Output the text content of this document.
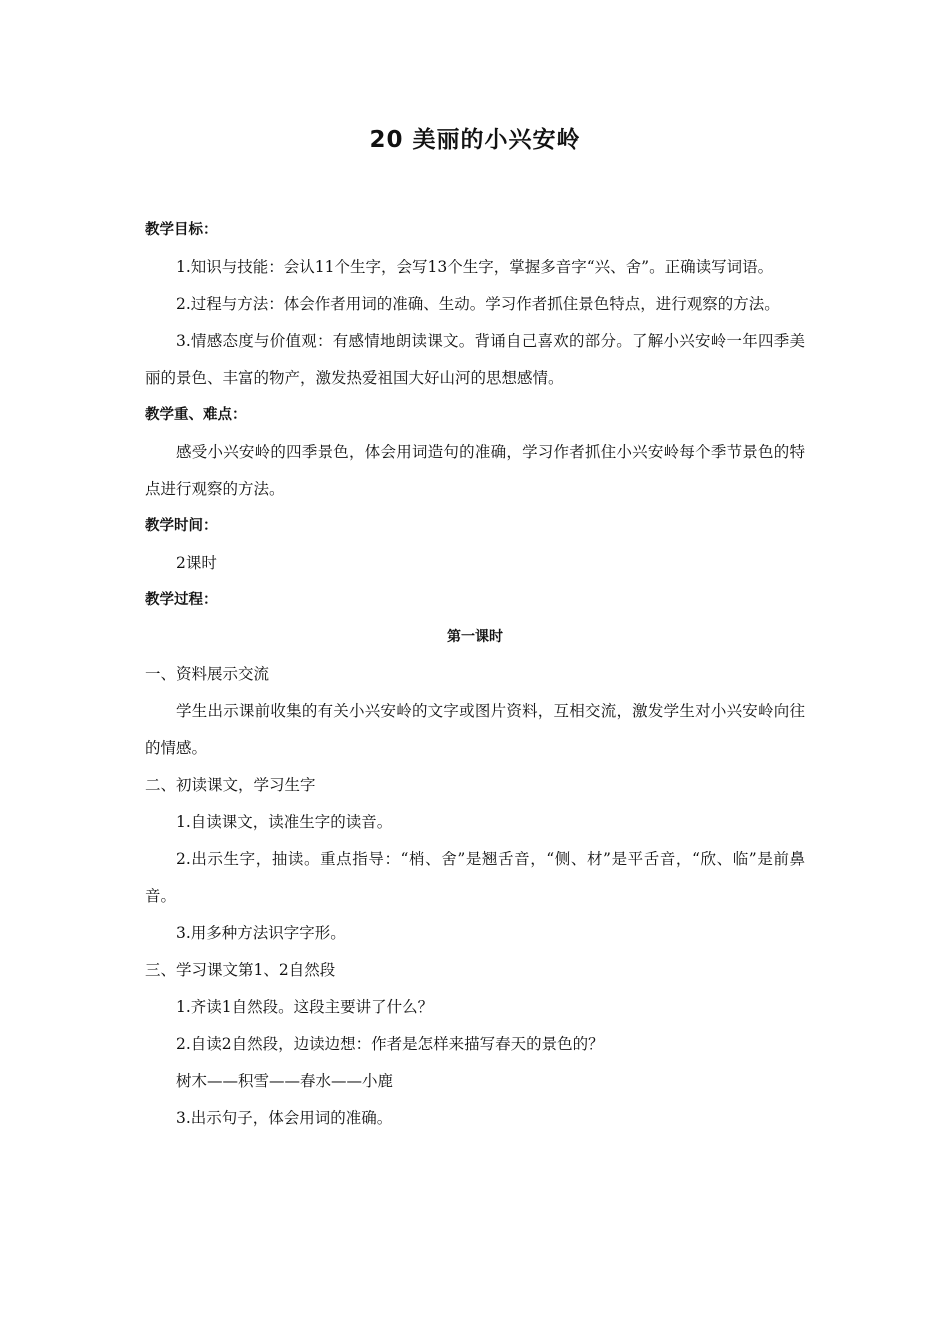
20 美丽的小兴安岭

教学目标：

1.知识与技能：会认11个生字，会写13个生字，掌握多音字“兴、舍”。正确读写词语。

2.过程与方法：体会作者用词的准确、生动。学习作者抓住景色特点，进行观察的方法。

3.情感态度与价值观：有感情地朗读课文。背诵自己喜欢的部分。了解小兴安岭一年四季美丽的景色、丰富的物产，激发热爱祖国大好山河的思想感情。

教学重、难点：

感受小兴安岭的四季景色，体会用词造句的准确，学习作者抓住小兴安岭每个季节景色的特点进行观察的方法。

教学时间：

2课时

教学过程：

第一课时

一、资料展示交流

学生出示课前收集的有关小兴安岭的文字或图片资料，互相交流，激发学生对小兴安岭向往的情感。

二、初读课文，学习生字

1.自读课文，读准生字的读音。

2.出示生字，抽读。重点指导：“梢、舍”是翘舌音，“侧、材”是平舌音，“欣、临”是前鼻音。

3.用多种方法识字字形。

三、学习课文第1、2自然段

1.齐读1自然段。这段主要讲了什么？

2.自读2自然段，边读边想：作者是怎样来描写春天的景色的？

树木——积雪——春水——小鹿

3.出示句子，体会用词的准确。
